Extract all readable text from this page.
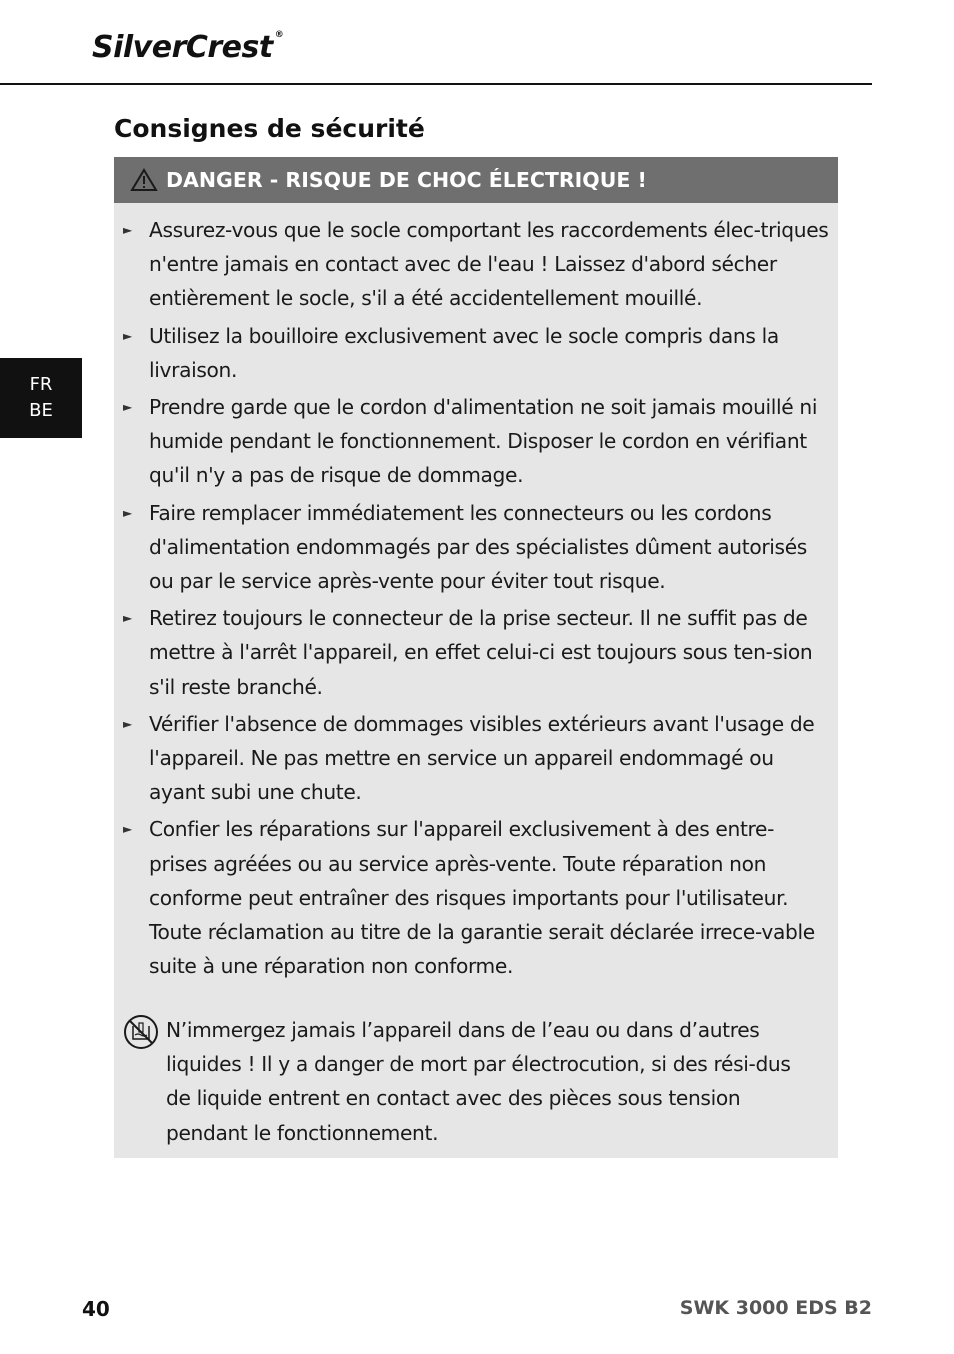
SilverCrest ®
Consignes de sécurité
FR
BE
DANGER - RISQUE DE CHOC ÉLECTRIQUE !
► Assurez-vous que le socle comportant les raccordements élec-triques n'entre jamais en contact avec de l'eau ! Laissez d'abord sécher entièrement le socle, s'il a été accidentellement mouillé.
► Utilisez la bouilloire exclusivement avec le socle compris dans la livraison.
► Prendre garde que le cordon d'alimentation ne soit jamais mouillé ni humide pendant le fonctionnement. Disposer le cordon en vérifiant qu'il n'y a pas de risque de dommage.
► Faire remplacer immédiatement les connecteurs ou les cordons d'alimentation endommagés par des spécialistes dûment autorisés ou par le service après-vente pour éviter tout risque.
► Retirez toujours le connecteur de la prise secteur. Il ne suffit pas de mettre à l'arrêt l'appareil, en effet celui-ci est toujours sous ten-sion s'il reste branché.
► Vérifier l'absence de dommages visibles extérieurs avant l'usage de l'appareil. Ne pas mettre en service un appareil endommagé ou ayant subi une chute.
► Confier les réparations sur l'appareil exclusivement à des entre-prises agréées ou au service après-vente. Toute réparation non conforme peut entraîner des risques importants pour l'utilisateur. Toute réclamation au titre de la garantie serait déclarée irrece-vable suite à une réparation non conforme.
N’immergez jamais l’appareil dans de l’eau ou dans d’autres liquides ! Il y a danger de mort par électrocution, si des rési-dus de liquide entrent en contact avec des pièces sous tension pendant le fonctionnement.
40	SWK 3000 EDS B2
